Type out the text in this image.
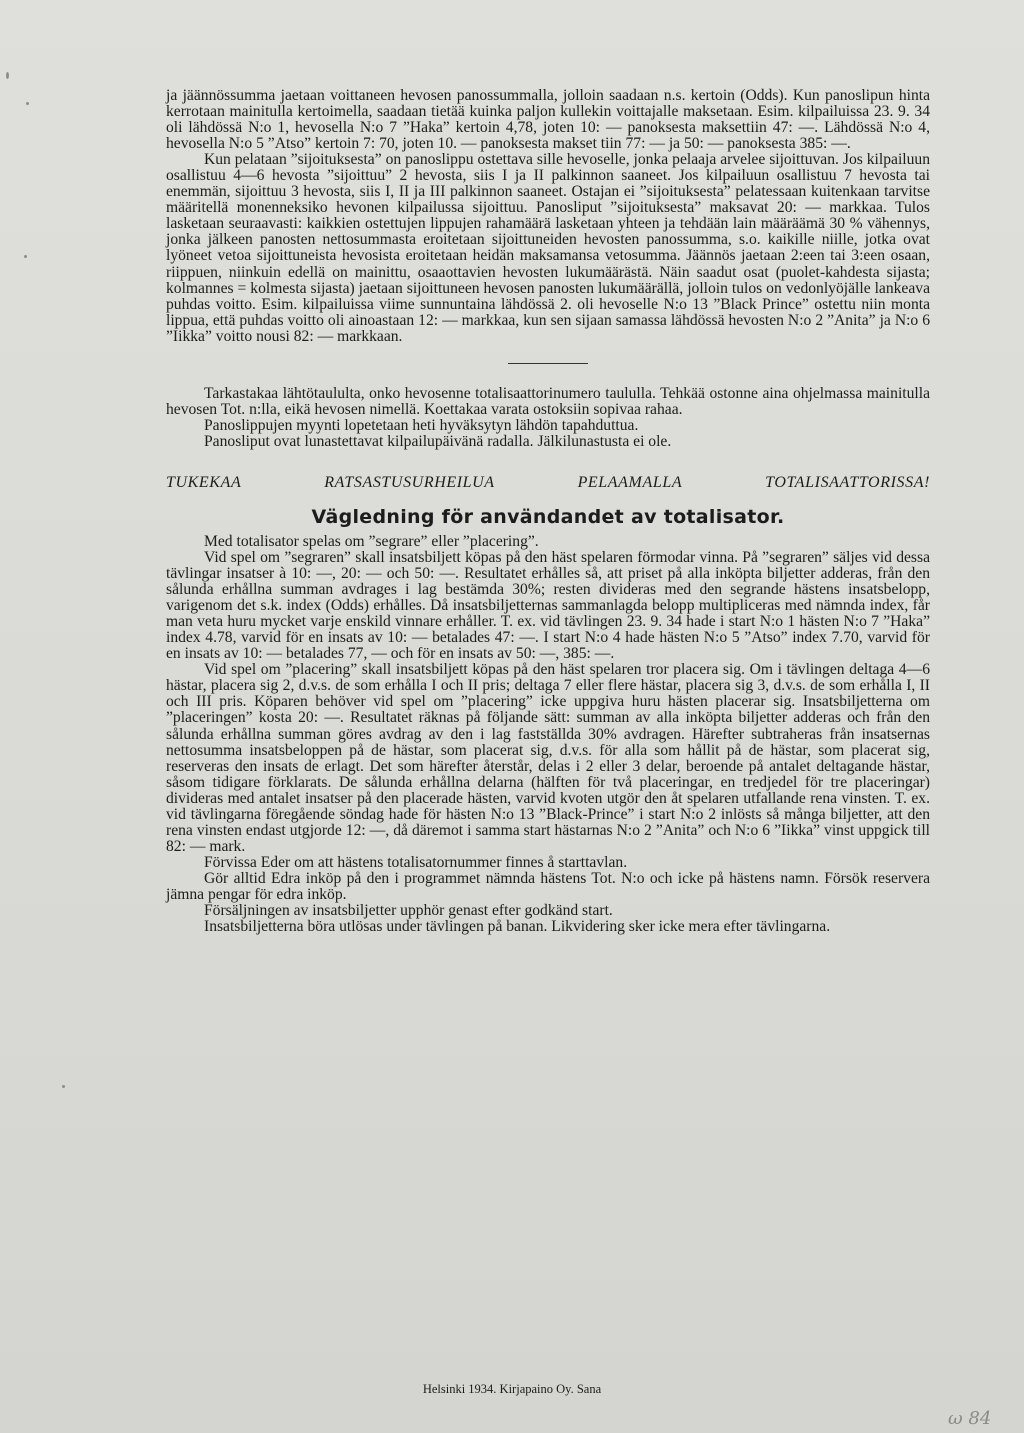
ja jäännössumma jaetaan voittaneen hevosen panossummalla, jolloin saadaan n.s. kertoin (Odds). Kun panoslipun hinta kerrotaan mainitulla kertoimella, saadaan tietää kuinka paljon kullekin voittajalle maksetaan. Esim. kilpailuissa 23. 9. 34 oli lähdössä N:o 1, hevosella N:o 7 ”Haka” kertoin 4,78, joten 10: — panoksesta maksettiin 47: —. Lähdössä N:o 4, hevosella N:o 5 ”Atso” kertoin 7: 70, joten 10. — panoksesta makset tiin 77: — ja 50: — panoksesta 385: —.

Kun pelataan ”sijoituksesta” on panoslippu ostettava sille hevoselle, jonka pelaaja arvelee sijoittuvan. Jos kilpailuun osallistuu 4—6 hevosta ”sijoittuu” 2 hevosta, siis I ja II palkinnon saaneet. Jos kilpailuun osallistuu 7 hevosta tai enemmän, sijoittuu 3 hevosta, siis I, II ja III palkinnon saaneet. Ostajan ei ”sijoituksesta” pelatessaan kuitenkaan tarvitse määritellä monenneksiko hevonen kilpailussa sijoittuu. Panosliput ”sijoituksesta” maksavat 20: — markkaa. Tulos lasketaan seuraavasti: kaikkien ostettujen lippujen rahamäärä lasketaan yhteen ja tehdään lain määräämä 30 % vähennys, jonka jälkeen panosten nettosummasta eroitetaan sijoittuneiden hevosten panossumma, s.o. kaikille niille, jotka ovat lyöneet vetoa sijoittuneista hevosista eroitetaan heidän maksamansa vetosumma. Jäännös jaetaan 2:een tai 3:een osaan, riippuen, niinkuin edellä on mainittu, osaaottavien hevosten lukumäärästä. Näin saadut osat (puolet-kahdesta sijasta; kolmannes = kolmesta sijasta) jaetaan sijoittuneen hevosen panosten lukumäärällä, jolloin tulos on vedonlyöjälle lankeava puhdas voitto. Esim. kilpailuissa viime sunnuntaina lähdössä 2. oli hevoselle N:o 13 ”Black Prince” ostettu niin monta lippua, että puhdas voitto oli ainoastaan 12: — markkaa, kun sen sijaan samassa lähdössä hevosten N:o 2 ”Anita” ja N:o 6 ”Iikka” voitto nousi 82: — markkaan.

Tarkastakaa lähtötaululta, onko hevosenne totalisaattorinumero taululla. Tehkää ostonne aina ohjelmassa mainitulla hevosen Tot. n:lla, eikä hevosen nimellä. Koettakaa varata ostoksiin sopivaa rahaa.

Panoslippujen myynti lopetetaan heti hyväksytyn lähdön tapahduttua.

Panosliput ovat lunastettavat kilpailupäivänä radalla. Jälkilunastusta ei ole.

TUKEKAA RATSASTUSURHEILUA PELAAMALLA TOTALISAATTORISSA!
Vägledning för användandet av totalisator.

Med totalisator spelas om ”segrare” eller ”placering”.

Vid spel om ”segraren” skall insatsbiljett köpas på den häst spelaren förmodar vinna. På ”segraren” säljes vid dessa tävlingar insatser à 10: —, 20: — och 50: —. Resultatet erhålles så, att priset på alla inköpta biljetter adderas, från den sålunda erhållna summan avdrages i lag bestämda 30%; resten divideras med den segrande hästens insatsbelopp, varigenom det s.k. index (Odds) erhålles. Då insatsbiljetternas sammanlagda belopp multipliceras med nämnda index, får man veta huru mycket varje enskild vinnare erhåller. T. ex. vid tävlingen 23. 9. 34 hade i start N:o 1 hästen N:o 7 ”Haka” index 4.78, varvid för en insats av 10: — betalades 47: —. I start N:o 4 hade hästen N:o 5 ”Atso” index 7.70, varvid för en insats av 10: — betalades 77, — och för en insats av 50: —, 385: —.

Vid spel om ”placering” skall insatsbiljett köpas på den häst spelaren tror placera sig. Om i tävlingen deltaga 4—6 hästar, placera sig 2, d.v.s. de som erhålla I och II pris; deltaga 7 eller flere hästar, placera sig 3, d.v.s. de som erhålla I, II och III pris. Köparen behöver vid spel om ”placering” icke uppgiva huru hästen placerar sig. Insatsbiljetterna om ”placeringen” kosta 20: —. Resultatet räknas på följande sätt: summan av alla inköpta biljetter adderas och från den sålunda erhållna summan göres avdrag av den i lag fastställda 30% avdragen. Härefter subtraheras från insatsernas nettosumma insatsbeloppen på de hästar, som placerat sig, d.v.s. för alla som hållit på de hästar, som placerat sig, reserveras den insats de erlagt. Det som härefter återstår, delas i 2 eller 3 delar, beroende på antalet deltagande hästar, såsom tidigare förklarats. De sålunda erhållna delarna (hälften för två placeringar, en tredjedel för tre placeringar) divideras med antalet insatser på den placerade hästen, varvid kvoten utgör den åt spelaren utfallande rena vinsten. T. ex. vid tävlingarna föregående söndag hade för hästen N:o 13 ”Black-Prince” i start N:o 2 inlösts så många biljetter, att den rena vinsten endast utgjorde 12: —, då däremot i samma start hästarnas N:o 2 ”Anita” och N:o 6 ”Iikka” vinst uppgick till 82: — mark.

Förvissa Eder om att hästens totalisatornummer finnes å starttavlan.

Gör alltid Edra inköp på den i programmet nämnda hästens Tot. N:o och icke på hästens namn. Försök reservera jämna pengar för edra inköp.

Försäljningen av insatsbiljetter upphör genast efter godkänd start.

Insatsbiljetterna böra utlösas under tävlingen på banan. Likvidering sker icke mera efter tävlingarna.

Helsinki 1934. Kirjapaino Oy. Sana
ω 84
